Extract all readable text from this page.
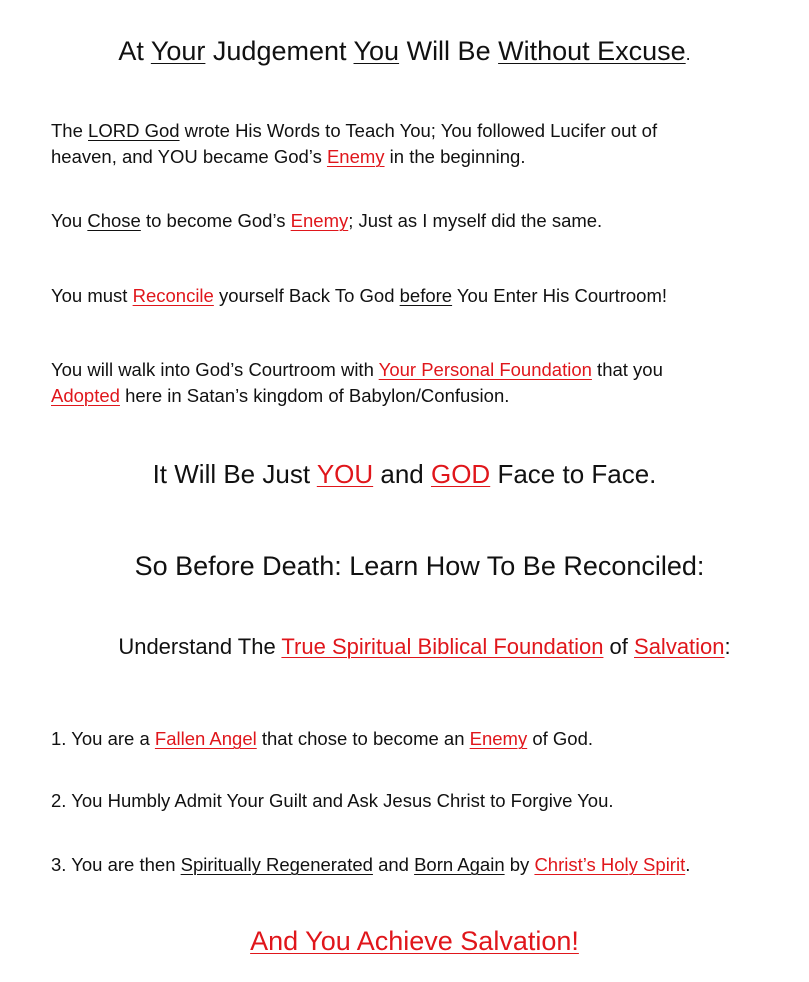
At Your Judgement You Will Be Without Excuse.
The LORD God wrote His Words to Teach You; You followed Lucifer out of
heaven, and YOU became God’s Enemy in the beginning.
You Chose to become God’s Enemy; Just as I myself did the same.
You must Reconcile yourself Back To God before You Enter His Courtroom!
You will walk into God’s Courtroom with Your Personal Foundation that you
Adopted here in Satan’s kingdom of Babylon/Confusion.
It Will Be Just YOU and GOD Face to Face.
So Before Death: Learn How To Be Reconciled:
Understand The True Spiritual Biblical Foundation of Salvation:
1. You are a Fallen Angel that chose to become an Enemy of God.
2. You Humbly Admit Your Guilt and Ask Jesus Christ to Forgive You.
3. You are then Spiritually Regenerated and Born Again by Christ’s Holy Spirit.
And You Achieve Salvation!
